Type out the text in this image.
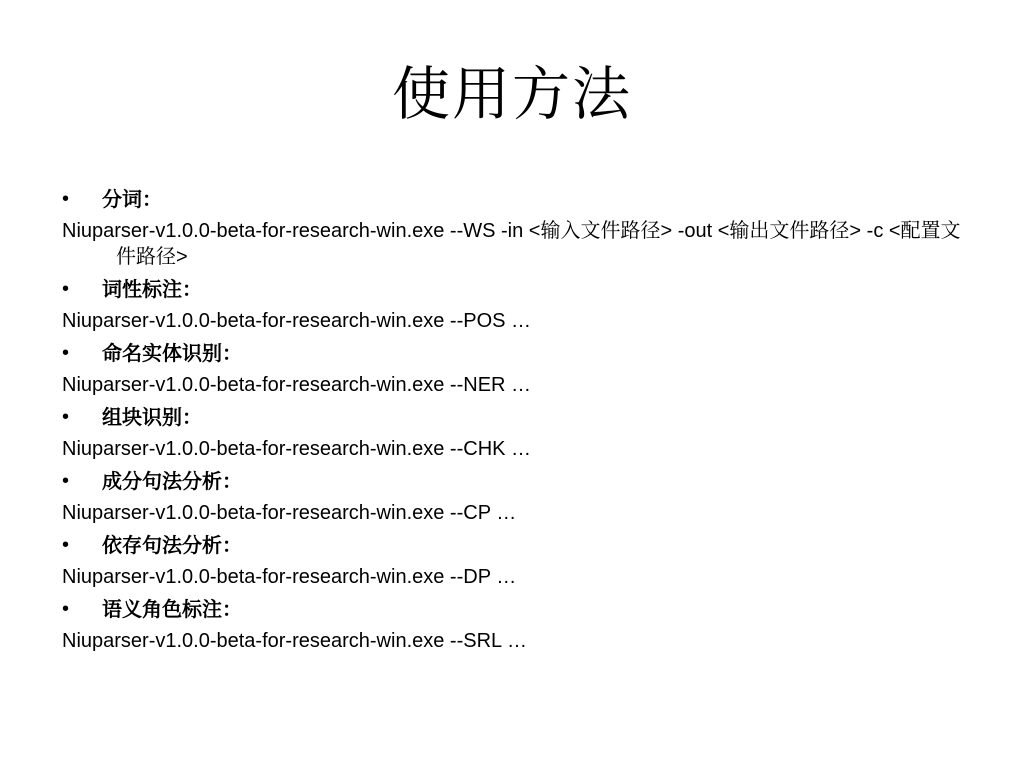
使用方法
•	分词：
Niuparser-v1.0.0-beta-for-research-win.exe --WS -in <输入文件路径> -out <输出文件路径> -c <配置文件路径>
•	词性标注：
Niuparser-v1.0.0-beta-for-research-win.exe --POS …
•	命名实体识别：
Niuparser-v1.0.0-beta-for-research-win.exe --NER …
•	组块识别：
Niuparser-v1.0.0-beta-for-research-win.exe --CHK …
•	成分句法分析：
Niuparser-v1.0.0-beta-for-research-win.exe --CP …
•	依存句法分析：
Niuparser-v1.0.0-beta-for-research-win.exe --DP …
•	语义角色标注：
Niuparser-v1.0.0-beta-for-research-win.exe --SRL …
